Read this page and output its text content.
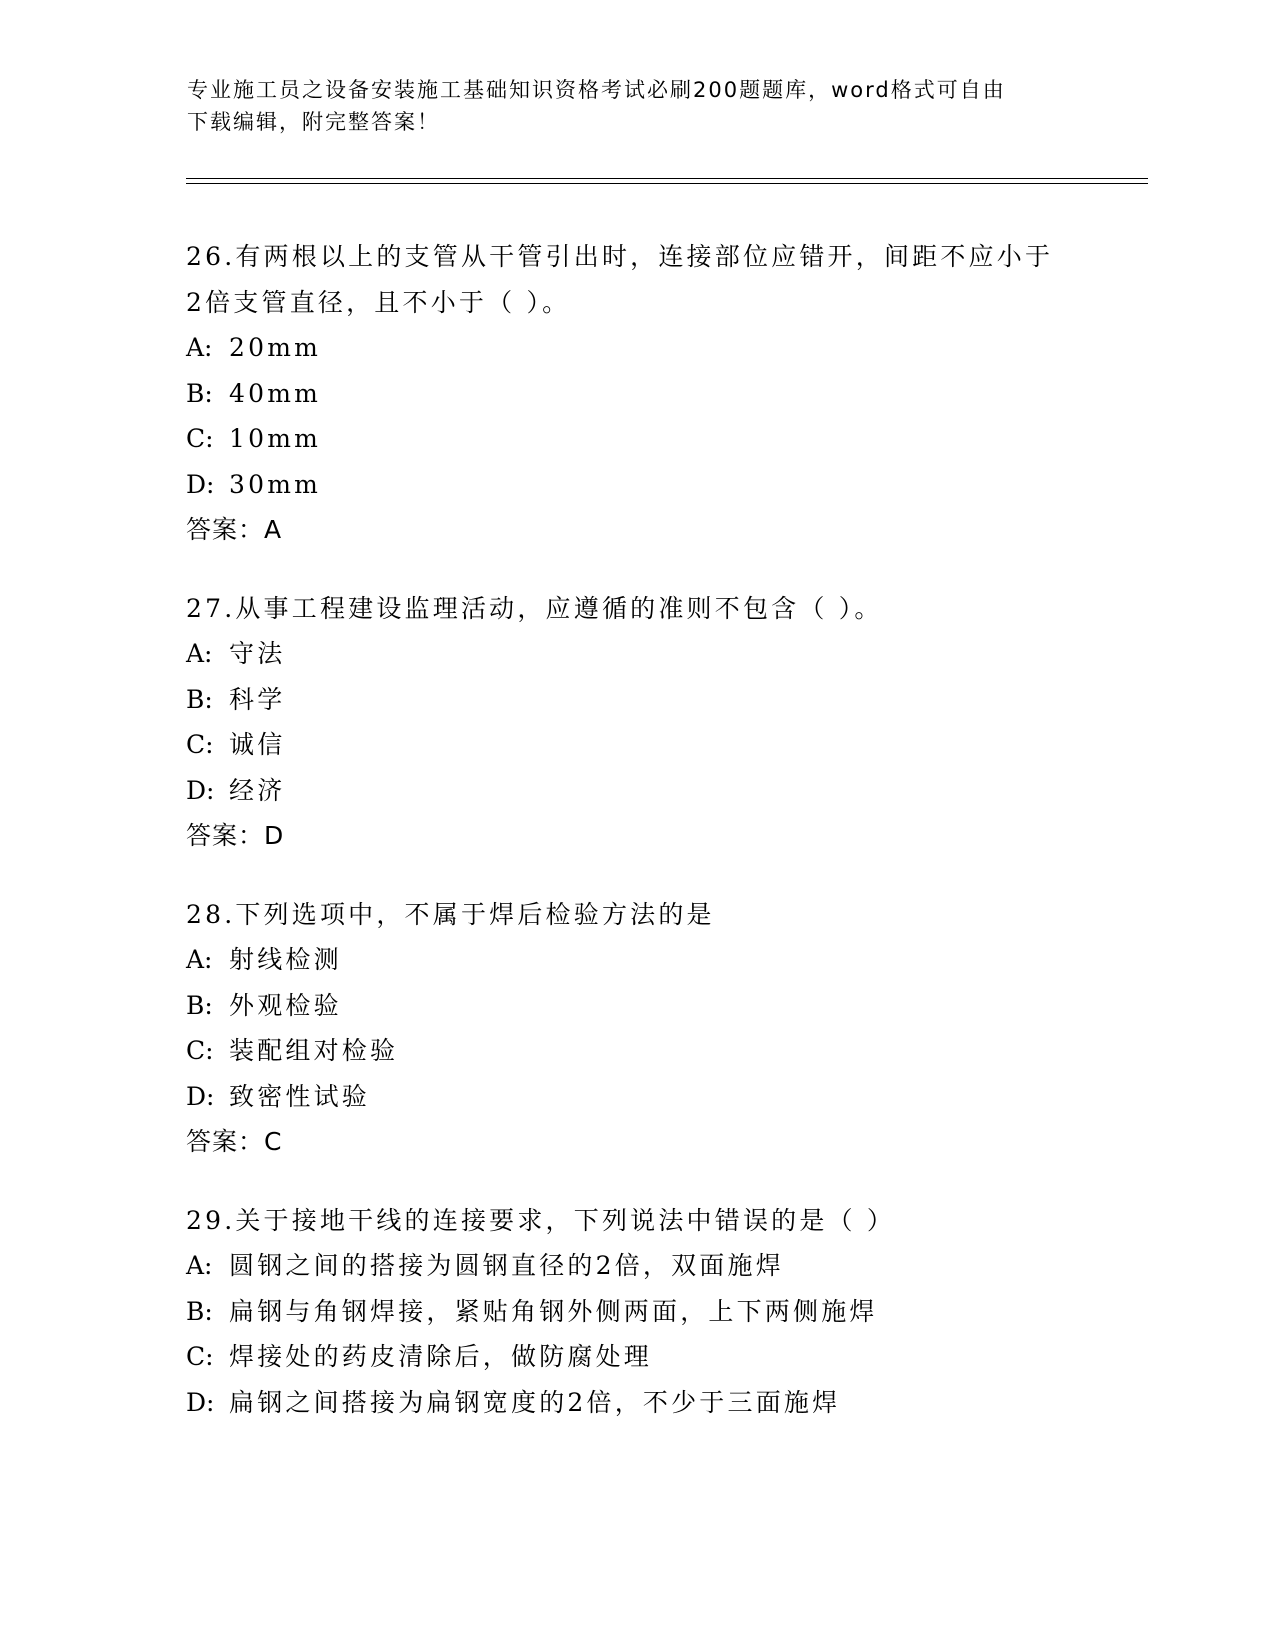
专业施工员之设备安装施工基础知识资格考试必刷200题题库，word格式可自由
下载编辑，附完整答案！
26.有两根以上的支管从干管引出时，连接部位应错开，间距不应小于
2倍支管直径，且不小于（ ）。
A: 20mm
B: 40mm
C: 10mm
D: 30mm
答案：A
27.从事工程建设监理活动，应遵循的准则不包含（ ）。
A: 守法
B: 科学
C: 诚信
D: 经济
答案：D
28.下列选项中，不属于焊后检验方法的是
A: 射线检测
B: 外观检验
C: 装配组对检验
D: 致密性试验
答案：C
29.关于接地干线的连接要求，下列说法中错误的是（ ）
A: 圆钢之间的搭接为圆钢直径的2倍，双面施焊
B: 扁钢与角钢焊接，紧贴角钢外侧两面，上下两侧施焊
C: 焊接处的药皮清除后，做防腐处理
D: 扁钢之间搭接为扁钢宽度的2倍，不少于三面施焊
